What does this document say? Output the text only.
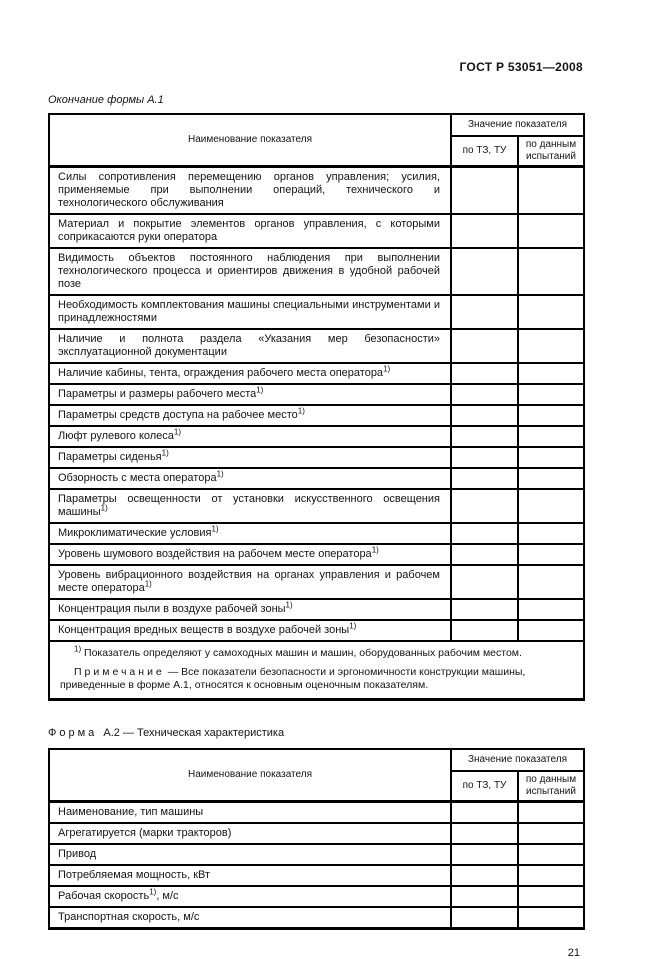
ГОСТ Р 53051—2008
Окончание формы А.1
Наименование показателя	Значение показателя	
	по ТЗ, ТУ	по данным испытаний
Силы сопротивления перемещению органов управления; усилия, применяемые при выполнении операций, технического и технологического обслуживания		
Материал и покрытие элементов органов управления, с которыми соприкасаются руки оператора		
Видимость объектов постоянного наблюдения при выполнении технологического процесса и ориентиров движения в удобной рабочей позе		
Необходимость комплектования машины специальными инструментами и принадлежностями		
Наличие и полнота раздела «Указания мер безопасности» эксплуатационной документации		
Наличие кабины, тента, ограждения рабочего места оператора$^{1)}$		
Параметры и размеры рабочего места$^{1)}$		
Параметры средств доступа на рабочее место$^{1)}$		
Люфт рулевого колеса$^{1)}$		
Параметры сиденья$^{1)}$		
Обзорность с места оператора$^{1)}$		
Параметры освещенности от установки искусственного освещения машины$^{1)}$		
Микроклиматические условия$^{1)}$		
Уровень шумового воздействия на рабочем месте оператора$^{1)}$		
Уровень вибрационного воздействия на органах управления и рабочем месте оператора$^{1)}$		
Концентрация пыли в воздухе рабочей зоны$^{1)}$		
Концентрация вредных веществ в воздухе рабочей зоны$^{1)}$		

$^{1)}$ Показатель определяют у самоходных машин и машин, оборудованных рабочим местом.

Примечание — Все показатели безопасности и эргономичности конструкции машины, приведенные в форме А.1, относятся к основным оценочным показателям.		

Форма А.2 — Техническая характеристика
Наименование показателя	Значение показателя	
	по ТЗ, ТУ	по данным испытаний
Наименование, тип машины		
Агрегатируется (марки тракторов)		
Привод		
Потребляемая мощность, кВт		
Рабочая скорость$^{1)}$, м/с		
Транспортная скорость, м/с		
21
